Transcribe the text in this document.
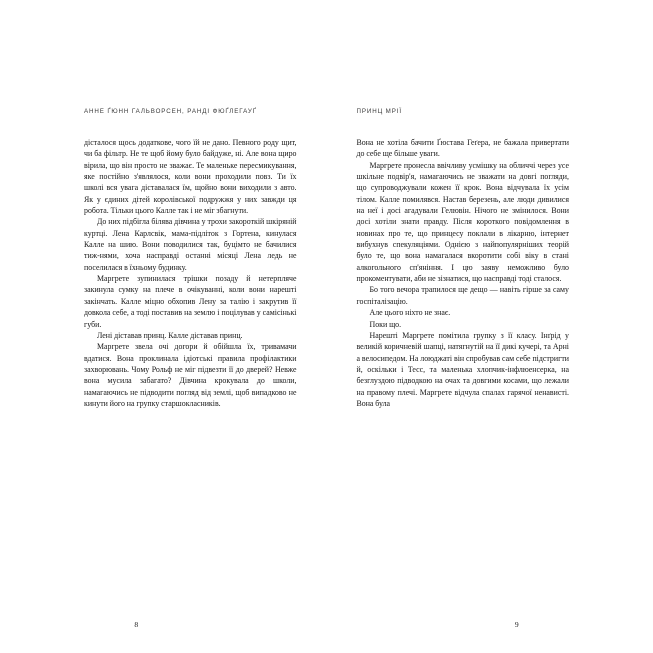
АННЕ ҐЮНН ГАЛЬВОРСЕН, РАНДІ ФЮҐЛЕГАУҐ

дісталося щось додаткове, чого їй не дано. Певного роду щит, чи ба фільтр. Не те щоб йому було байдуже, ні. Але вона щиро вірила, що він просто не зважає. Те маленьке пересмикування, яке постійно з'являлося, коли вони проходили повз. Ти їх школі вся увага діставалася їм, щойно вони виходили з авто. Як у єдиних дітей королівської подружжя у них завжди ця робота. Тільки цього Калле так і не міг збагнути.

До них підбігла білява дівчина у трохи закороткій шкіряній куртці. Лена Карлсвік, мама-підліток з Гортена, кинулася Калле на шию. Вони поводилися так, буцімто не бачилися тиж-нями, хоча насправді останні місяці Лена ледь не поселилася в їхньому будинку.

Маргрете зупинилася трішки позаду й нетерпляче закинула сумку на плече в очікуванні, коли вони нарешті закінчать. Калле міцно обхопив Лену за талію і закрутив її довкола себе, а тоді поставив на землю і поцілував у самісінькі губи.

Лені діставав принц. Калле діставав принц.

Маргрете звела очі догори й обійшла їх, тривамачи вдатися. Вона проклинала ідіотські правила профілактики захворювань. Чому Рольф не міг підвезти її до дверей? Невже вона мусила забагато? Дівчина крокувала до школи, намагаючись не підводити погляд від землі, щоб випадково не кинути його на групку старшокласників.

8
ПРИНЦ МРІЇ

Вона не хотіла бачити Ґюстава Геґера, не бажала привертати до себе ще більше уваги.

Маргрете пронесла ввічливу усмішку на обличчі через усе шкільне подвір'я, намагаючись не зважати на довгі погляди, що супроводжували кожен її крок. Вона відчувала їх усім тілом. Калле помилявся. Настав березень, але люди дивилися на неї і досі агадували Гелювін. Нічого не змінилося. Вони досі хотіли знати правду. Після короткого повідомлення в новинах про те, що принцесу поклали в лікарню, інтернет вибухнув спекуляціями. Однією з найпопулярніших теорій було те, що вона намагалася вкоротити собі віку в стані алкогольного сп'яніння. І цю заяву неможливо було прокоментувати, аби не зізнатися, що насправді тоді сталося.

Бо того вечора трапилося ще дещо — навіть гірше за саму госпіталізацію.

Але цього ніхто не знає.

Поки що.

Нарешті Маргрете помітила групку з її класу. Інґрід у великій коричневій шапці, натягнутій на її дикі кучері, та Арні а велосипедом. На лоюджаті він спробував сам себе підстригти й, оскільки і Тесс, та маленька хлопчик-інфлюенсерка, на безглуздою підводкою на очах та довгими косами, що лежали на правому плечі. Маргрете відчула спалах гарячої ненависті. Вона була

9
